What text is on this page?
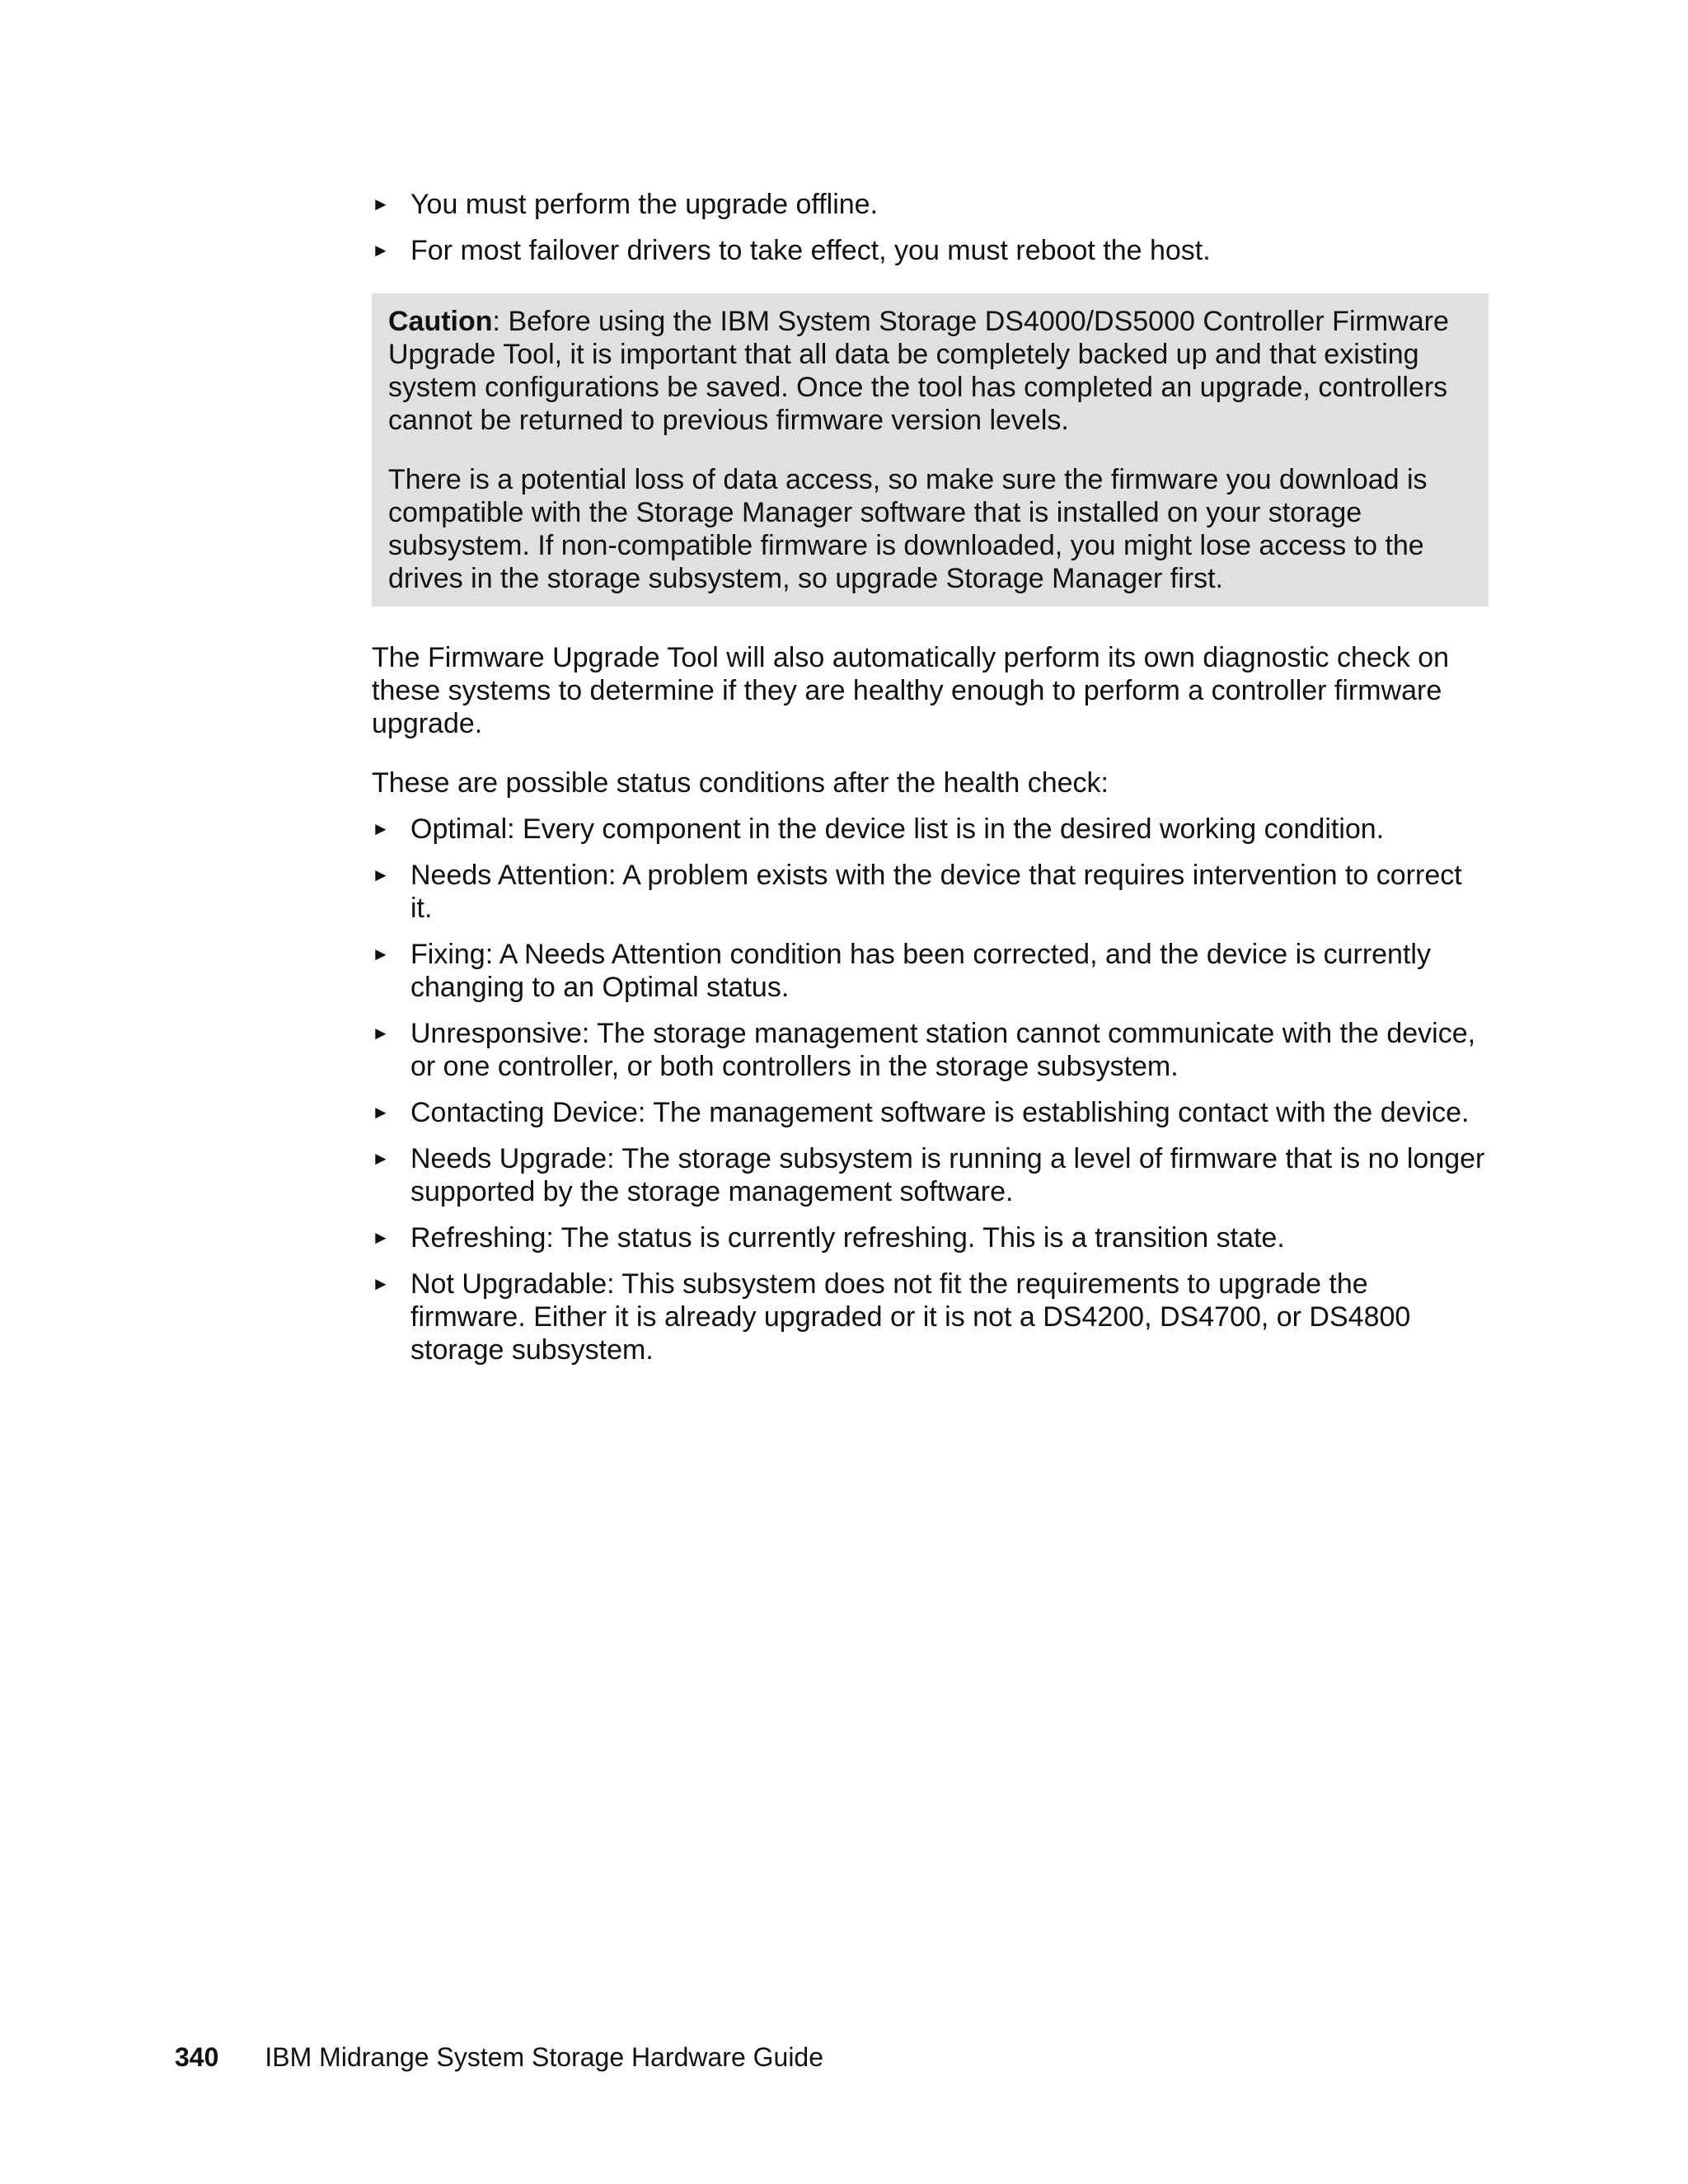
► You must perform the upgrade offline.
► For most failover drivers to take effect, you must reboot the host.

Caution: Before using the IBM System Storage DS4000/DS5000 Controller Firmware Upgrade Tool, it is important that all data be completely backed up and that existing system configurations be saved. Once the tool has completed an upgrade, controllers cannot be returned to previous firmware version levels.

There is a potential loss of data access, so make sure the firmware you download is compatible with the Storage Manager software that is installed on your storage subsystem. If non-compatible firmware is downloaded, you might lose access to the drives in the storage subsystem, so upgrade Storage Manager first.

The Firmware Upgrade Tool will also automatically perform its own diagnostic check on these systems to determine if they are healthy enough to perform a controller firmware upgrade.

These are possible status conditions after the health check:

► Optimal: Every component in the device list is in the desired working condition.
► Needs Attention: A problem exists with the device that requires intervention to correct it.
► Fixing: A Needs Attention condition has been corrected, and the device is currently changing to an Optimal status.
► Unresponsive: The storage management station cannot communicate with the device, or one controller, or both controllers in the storage subsystem.
► Contacting Device: The management software is establishing contact with the device.
► Needs Upgrade: The storage subsystem is running a level of firmware that is no longer supported by the storage management software.
► Refreshing: The status is currently refreshing. This is a transition state.
► Not Upgradable: This subsystem does not fit the requirements to upgrade the firmware. Either it is already upgraded or it is not a DS4200, DS4700, or DS4800 storage subsystem.
340 IBM Midrange System Storage Hardware Guide
